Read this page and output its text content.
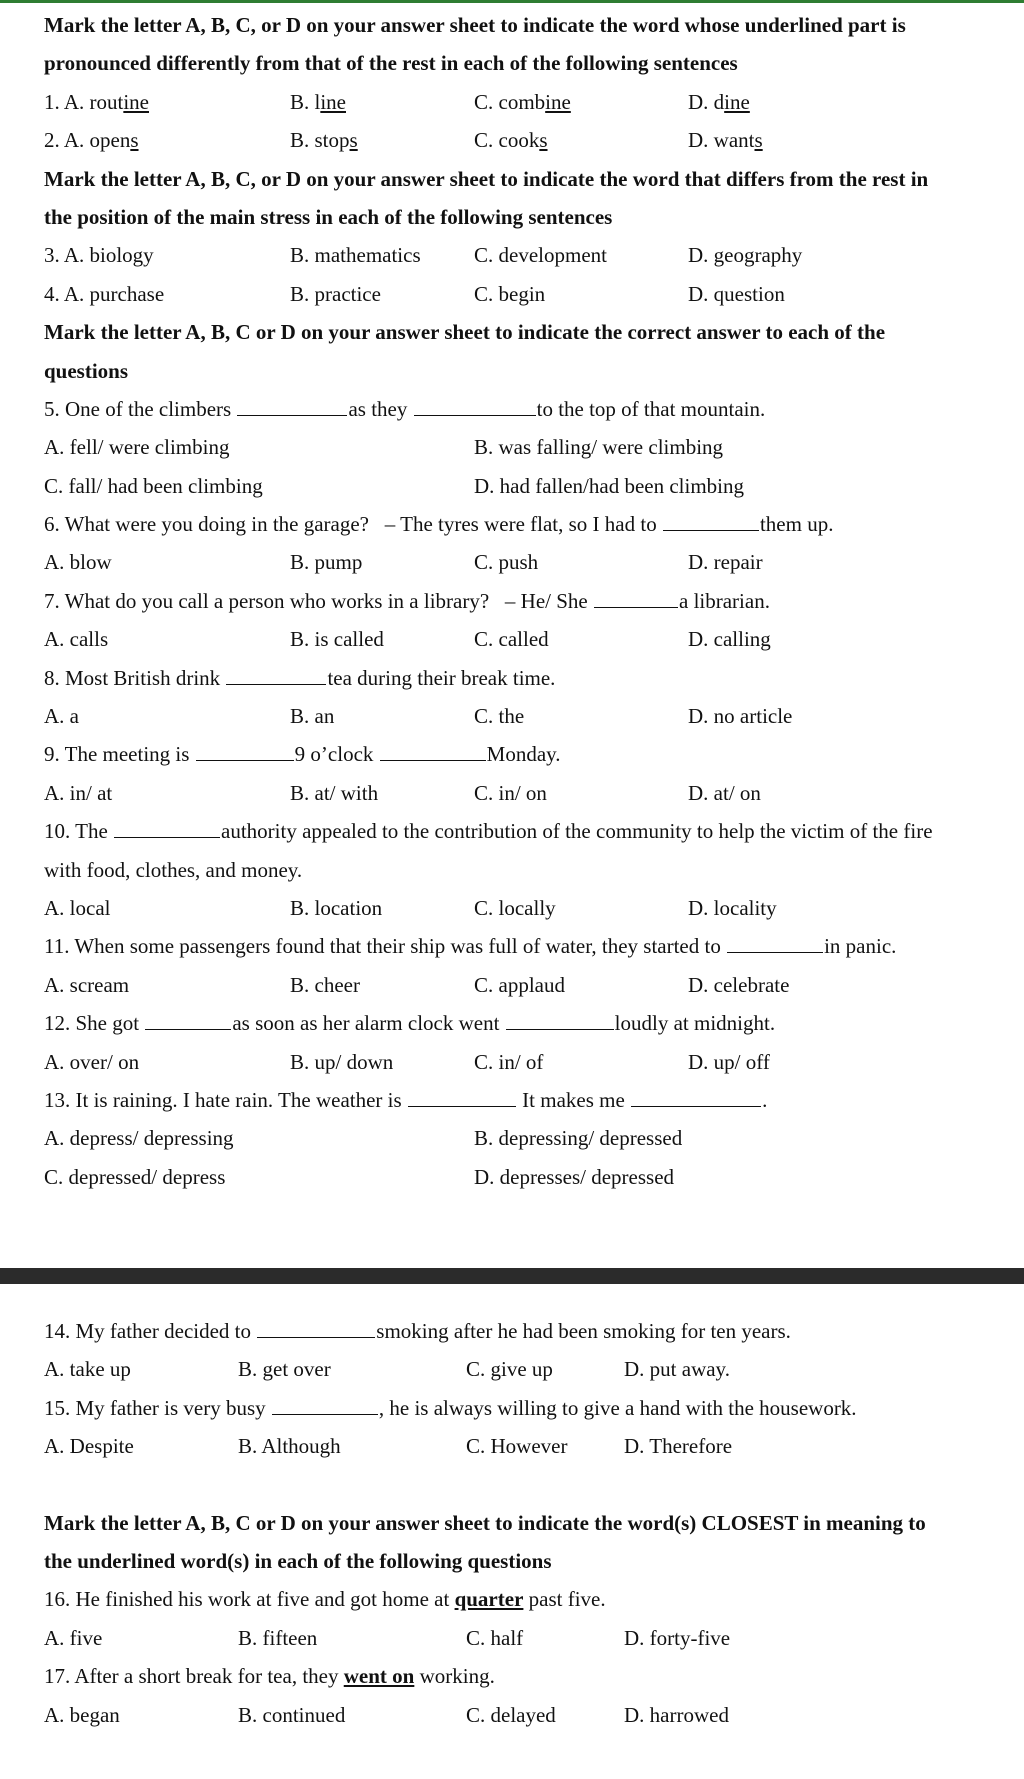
Mark the letter A, B, C, or D on your answer sheet to indicate the word whose underlined part is
pronounced differently from that of the rest in each of the following sentences
1. A. routine	B. line	C. combine	D. dine
2. A. opens	B. stops	C. cooks	D. wants
Mark the letter A, B, C, or D on your answer sheet to indicate the word that differs from the rest in
the position of the main stress in each of the following sentences
3. A. biology	B. mathematics	C. development	D. geography
4. A. purchase	B. practice	C. begin	D. question
Mark the letter A, B, C or D on your answer sheet to indicate the correct answer to each of the
questions
5. One of the climbers	as they	to the top of that mountain.
A. fell/ were climbing	B. was falling/ were climbing
C. fall/ had been climbing	D. had fallen/had been climbing
6. What were you doing in the garage? – The tyres were flat, so I had to	them up.
A. blow	B. pump	C. push	D. repair
7. What do you call a person who works in a library? – He/ She	a librarian.
A. calls	B. is called	C. called	D. calling
8. Most British drink	tea during their break time.
A. a	B. an	C. the	D. no article
9. The meeting is	9 o’clock	Monday.
A. in/ at	B. at/ with	C. in/ on	D. at/ on
10. The	authority appealed to the contribution of the community to help the victim of the fire
with food, clothes, and money.
A. local	B. location	C. locally	D. locality
11. When some passengers found that their ship was full of water, they started to	in panic.
A. scream	B. cheer	C. applaud	D. celebrate
12. She got	as soon as her alarm clock went	loudly at midnight.
A. over/ on	B. up/ down	C. in/ of	D. up/ off
13. It is raining. I hate rain. The weather is	It makes me	.
A. depress/ depressing	B. depressing/ depressed
C. depressed/ depress	D. depresses/ depressed
14. My father decided to	smoking after he had been smoking for ten years.
A. take up	B. get over	C. give up	D. put away.
15. My father is very busy	, he is always willing to give a hand with the housework.
A. Despite	B. Although	C. However	D. Therefore
Mark the letter A, B, C or D on your answer sheet to indicate the word(s) CLOSEST in meaning to
the underlined word(s) in each of the following questions
16. He finished his work at five and got home at quarter past five.
A. five	B. fifteen	C. half	D. forty-five
17. After a short break for tea, they went on working.
A. began	B. continued	C. delayed	D. harrowed
